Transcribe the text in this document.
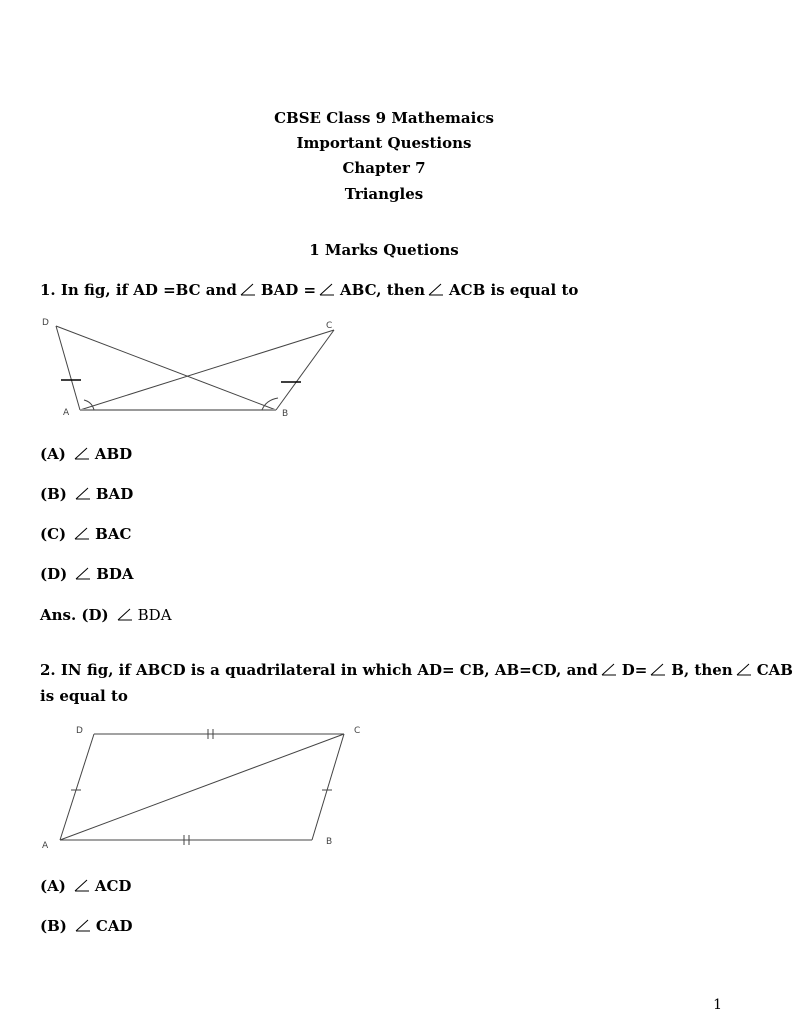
CBSE Class 9 Mathemaics
Important Questions
Chapter 7
Triangles
1 Marks Quetions
1. In fig, if AD =BC and BAD = ABC, then ACB is equal to
D	C
A	B
(A) ABD
(B) BAD
(C) BAC
(D) BDA
Ans. (D) BDA
2. IN fig, if ABCD is a quadrilateral in which AD= CB, AB=CD, and D= B, then CAB
is equal to
D	C
A	B
(A) ACD
(B) CAD
1
